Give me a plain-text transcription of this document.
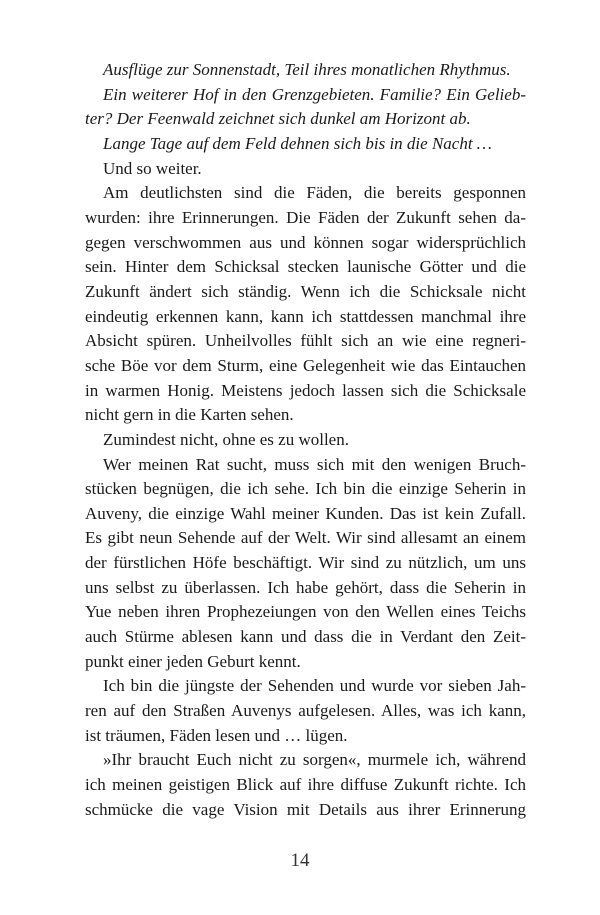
Ausflüge zur Sonnenstadt, Teil ihres monatlichen Rhythmus.
Ein weiterer Hof in den Grenzgebieten. Familie? Ein Gelieb-
ter? Der Feenwald zeichnet sich dunkel am Horizont ab.
Lange Tage auf dem Feld dehnen sich bis in die Nacht …
Und so weiter.
Am deutlichsten sind die Fäden, die bereits gesponnen
wurden: ihre Erinnerungen. Die Fäden der Zukunft sehen da-
gegen verschwommen aus und können sogar widersprüchlich
sein. Hinter dem Schicksal stecken launische Götter und die
Zukunft ändert sich ständig. Wenn ich die Schicksale nicht
eindeutig erkennen kann, kann ich stattdessen manchmal ihre
Absicht spüren. Unheilvolles fühlt sich an wie eine regneri-
sche Böe vor dem Sturm, eine Gelegenheit wie das Eintauchen
in warmen Honig. Meistens jedoch lassen sich die Schicksale
nicht gern in die Karten sehen.
Zumindest nicht, ohne es zu wollen.
Wer meinen Rat sucht, muss sich mit den wenigen Bruch-
stücken begnügen, die ich sehe. Ich bin die einzige Seherin in
Auveny, die einzige Wahl meiner Kunden. Das ist kein Zufall.
Es gibt neun Sehende auf der Welt. Wir sind allesamt an einem
der fürstlichen Höfe beschäftigt. Wir sind zu nützlich, um uns
uns selbst zu überlassen. Ich habe gehört, dass die Seherin in
Yue neben ihren Prophezeiungen von den Wellen eines Teichs
auch Stürme ablesen kann und dass die in Verdant den Zeit-
punkt einer jeden Geburt kennt.
Ich bin die jüngste der Sehenden und wurde vor sieben Jah-
ren auf den Straßen Auvenys aufgelesen. Alles, was ich kann,
ist träumen, Fäden lesen und … lügen.
»Ihr braucht Euch nicht zu sorgen«, murmele ich, während
ich meinen geistigen Blick auf ihre diffuse Zukunft richte. Ich
schmücke die vage Vision mit Details aus ihrer Erinnerung
14
